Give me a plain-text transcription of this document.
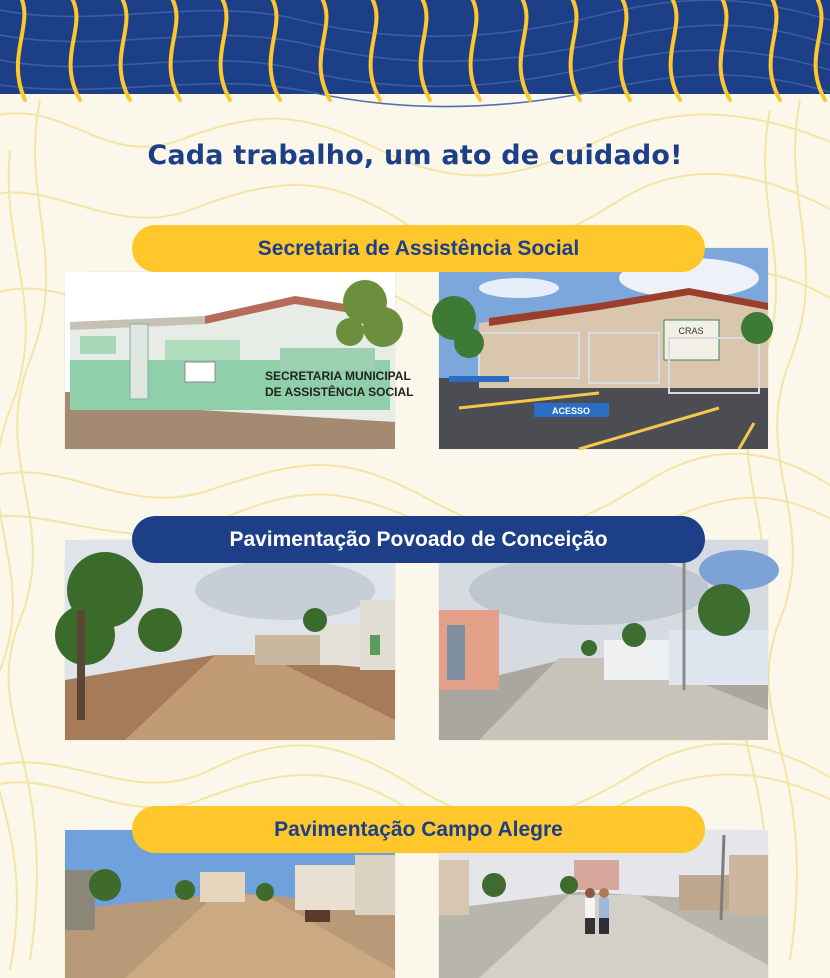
Cada trabalho, um ato de cuidado!
Secretaria de Assistência Social
SECRETARIA MUNICIPAL
DE ASSISTÊNCIA SOCIAL
CRAS
ACESSO
Pavimentação Povoado de Conceição
Pavimentação Campo Alegre
